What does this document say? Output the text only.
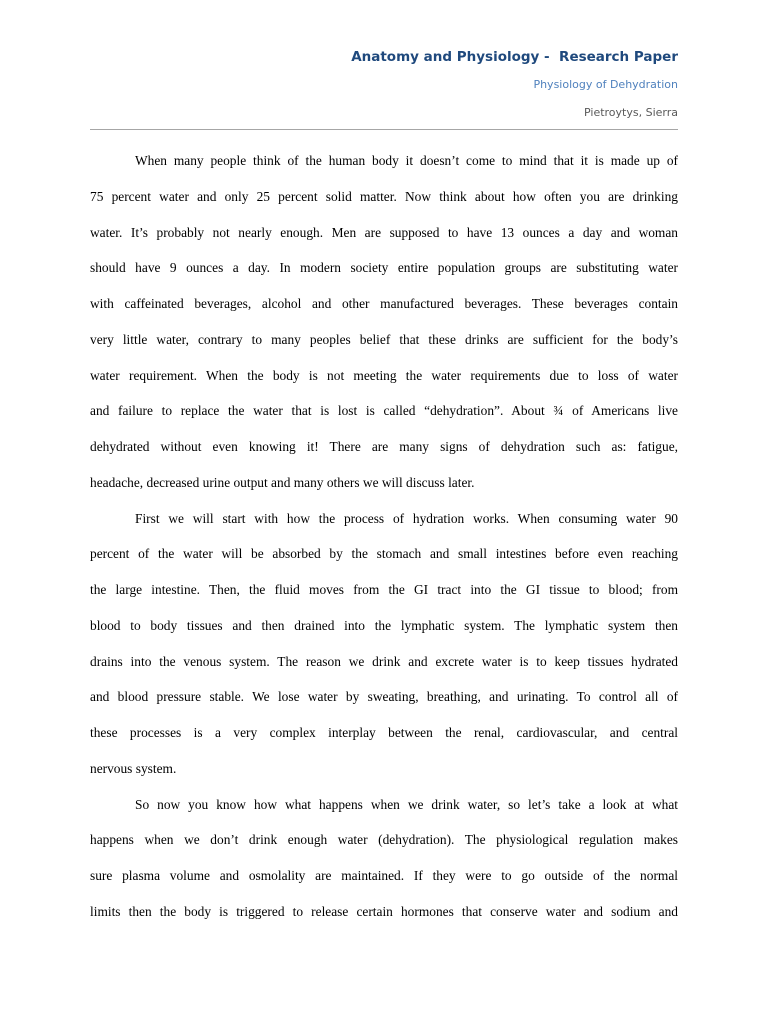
Anatomy and Physiology -  Research Paper
Physiology of Dehydration
Pietroytys, Sierra
When many people think of the human body it doesn’t come to mind that it is made up of
75 percent water and only 25 percent solid matter. Now think about how often you are drinking
water. It’s probably not nearly enough. Men are supposed to have 13 ounces a day and woman
should have 9 ounces a day. In modern society entire population groups are substituting water
with caffeinated beverages, alcohol and other manufactured beverages. These beverages contain
very little water, contrary to many peoples belief that these drinks are sufficient for the body’s
water requirement. When the body is not meeting the water requirements due to loss of water
and failure to replace the water that is lost is called “dehydration”. About ¾ of Americans live
dehydrated without even knowing it! There are many signs of dehydration such as: fatigue,
headache, decreased urine output and many others we will discuss later.
First we will start with how the process of hydration works. When consuming water 90
percent of the water will be absorbed by the stomach and small intestines before even reaching
the large intestine. Then, the fluid moves from the GI tract into the GI tissue to blood; from
blood to body tissues and then drained into the lymphatic system. The lymphatic system then
drains into the venous system. The reason we drink and excrete water is to keep tissues hydrated
and blood pressure stable. We lose water by sweating, breathing, and urinating. To control all of
these processes is a very complex interplay between the renal, cardiovascular, and central
nervous system.
So now you know how what happens when we drink water, so let’s take a look at what
happens when we don’t drink enough water (dehydration). The physiological regulation makes
sure plasma volume and osmolality are maintained. If they were to go outside of the normal
limits then the body is triggered to release certain hormones that conserve water and sodium and
